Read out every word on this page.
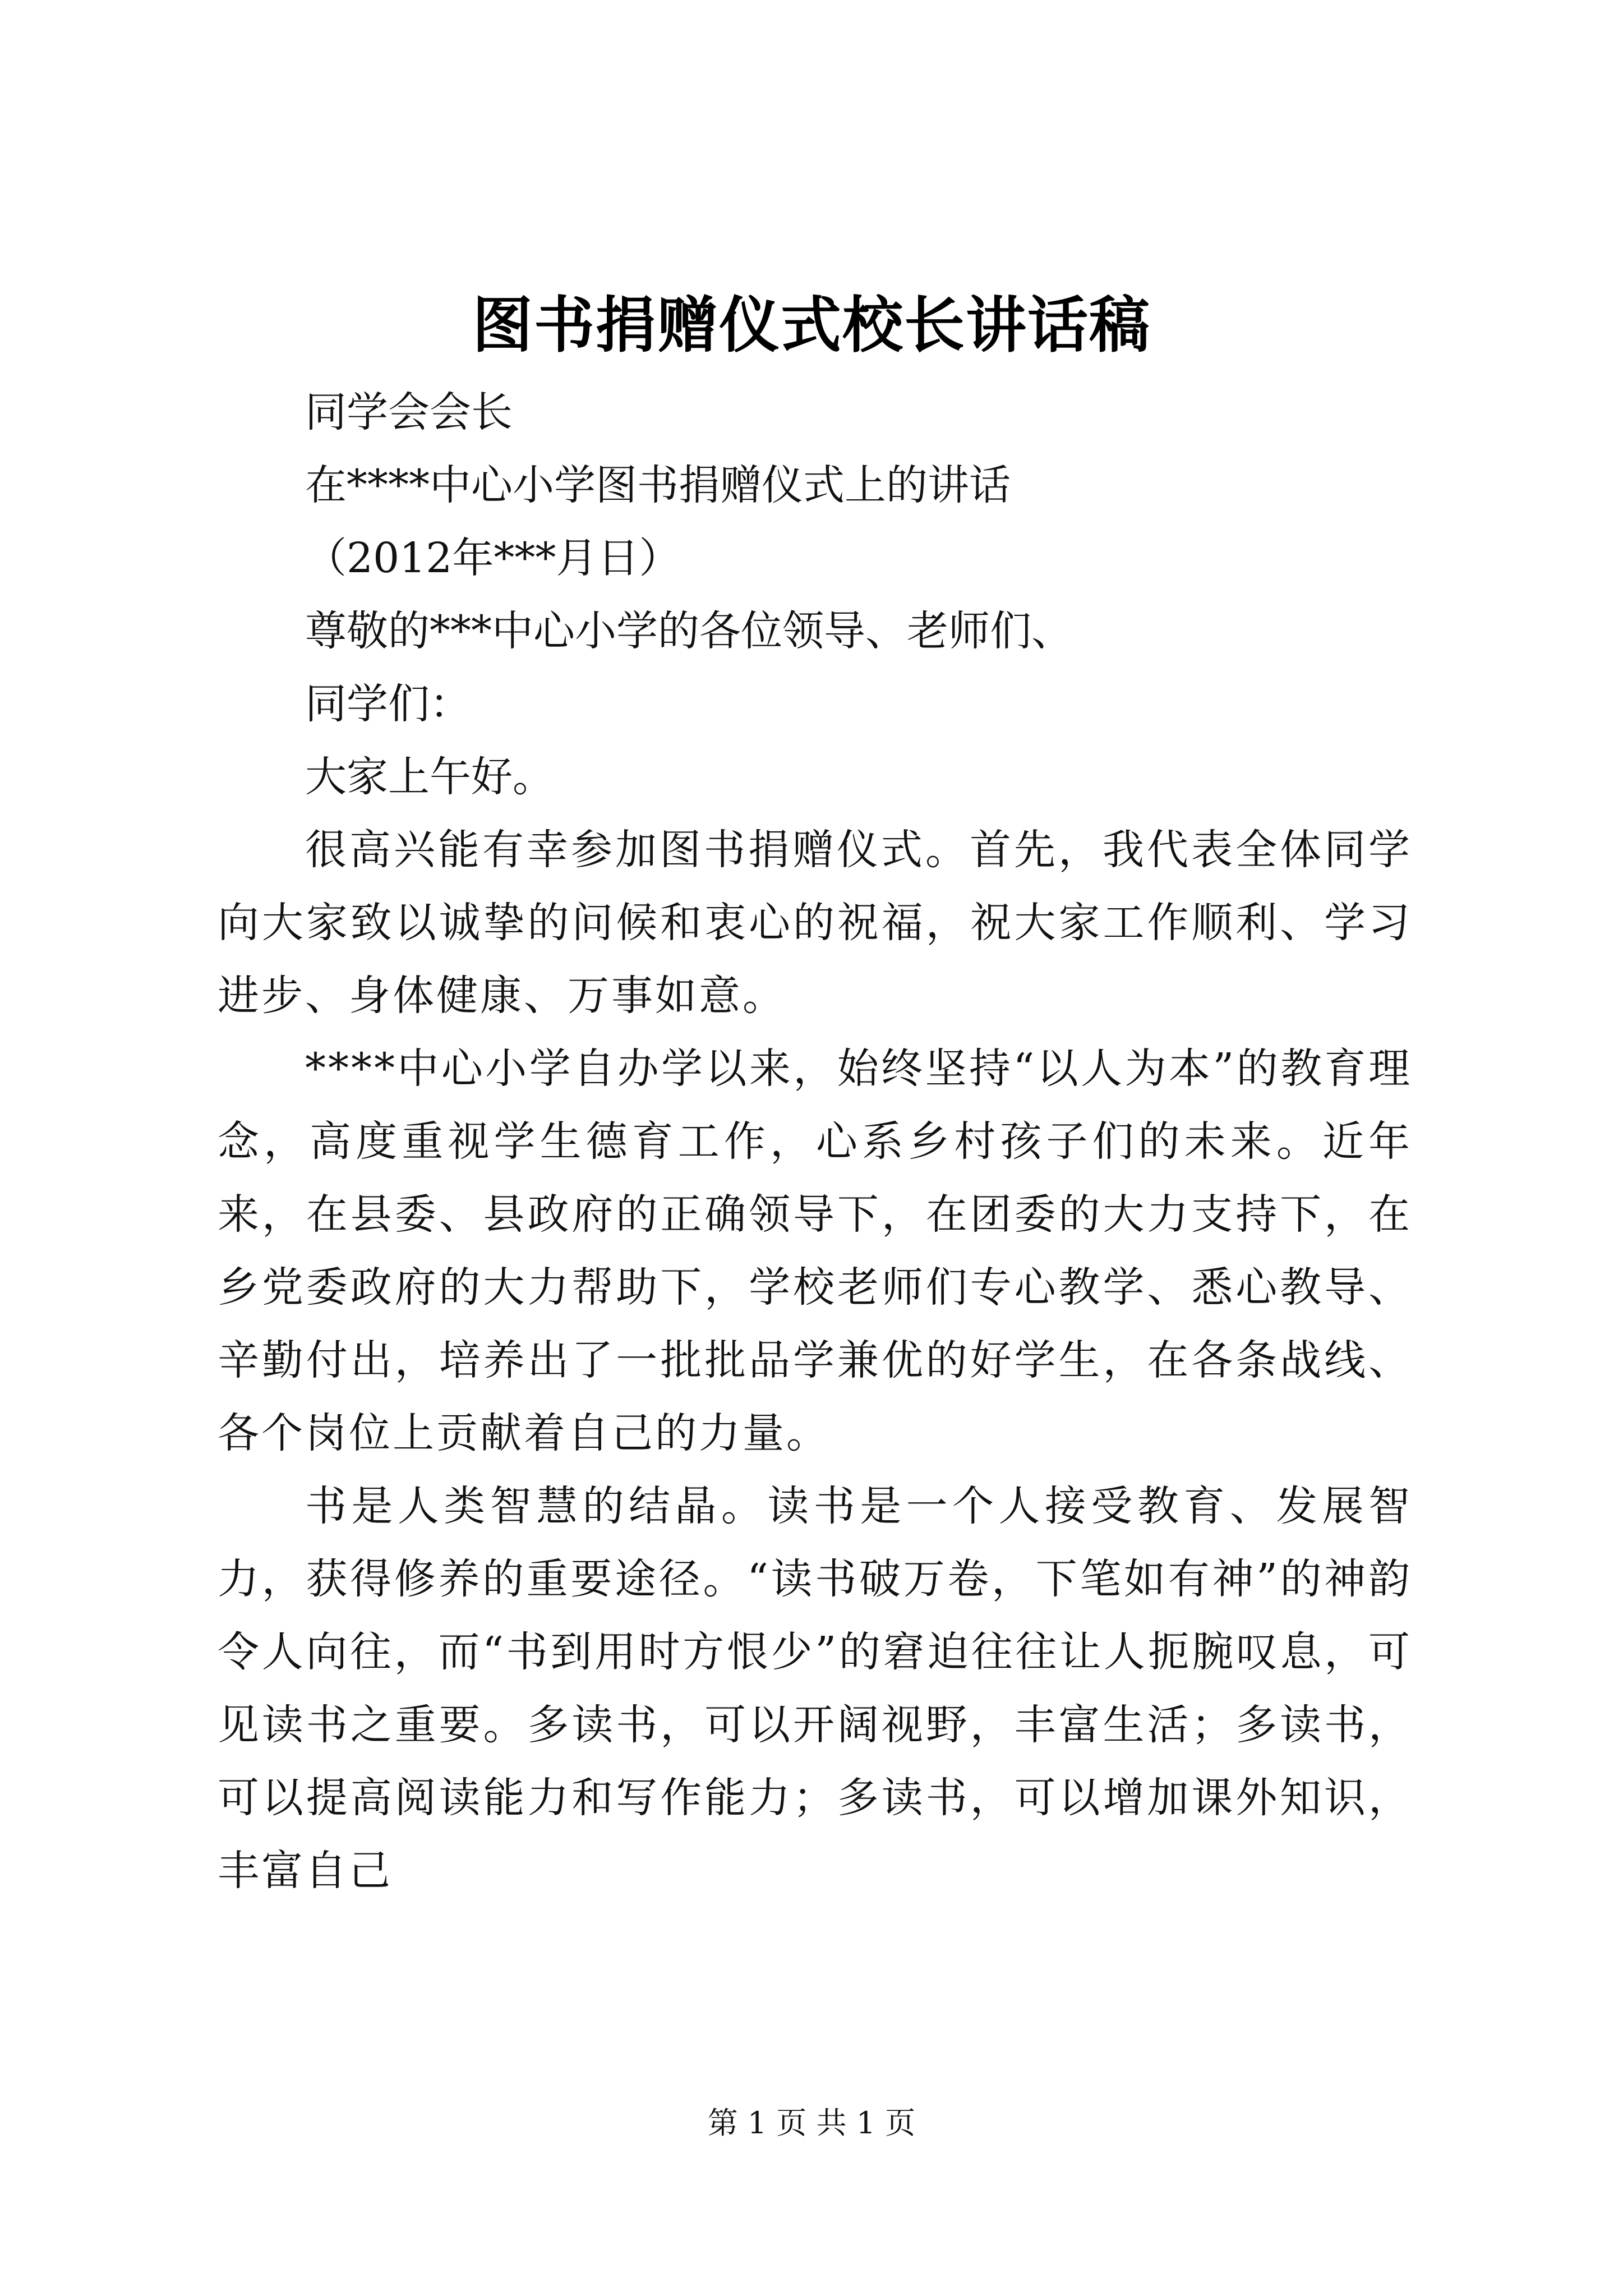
图书捐赠仪式校长讲话稿

同学会会长

在****中心小学图书捐赠仪式上的讲话

（2012年***月日）

尊敬的***中心小学的各位领导、老师们、

同学们：

大家上午好。

很高兴能有幸参加图书捐赠仪式。首先，我代表全体同学向大家致以诚挚的问候和衷心的祝福，祝大家工作顺利、学习进步、身体健康、万事如意。

****中心小学自办学以来，始终坚持“以人为本”的教育理念，高度重视学生德育工作，心系乡村孩子们的未来。近年来，在县委、县政府的正确领导下，在团委的大力支持下，在乡党委政府的大力帮助下，学校老师们专心教学、悉心教导、辛勤付出，培养出了一批批品学兼优的好学生，在各条战线、各个岗位上贡献着自己的力量。

书是人类智慧的结晶。读书是一个人接受教育、发展智力，获得修养的重要途径。“读书破万卷，下笔如有神”的神韵令人向往，而“书到用时方恨少”的窘迫往往让人扼腕叹息，可见读书之重要。多读书，可以开阔视野，丰富生活；多读书，可以提高阅读能力和写作能力；多读书，可以增加课外知识，丰富自己

第 1 页 共 1 页
